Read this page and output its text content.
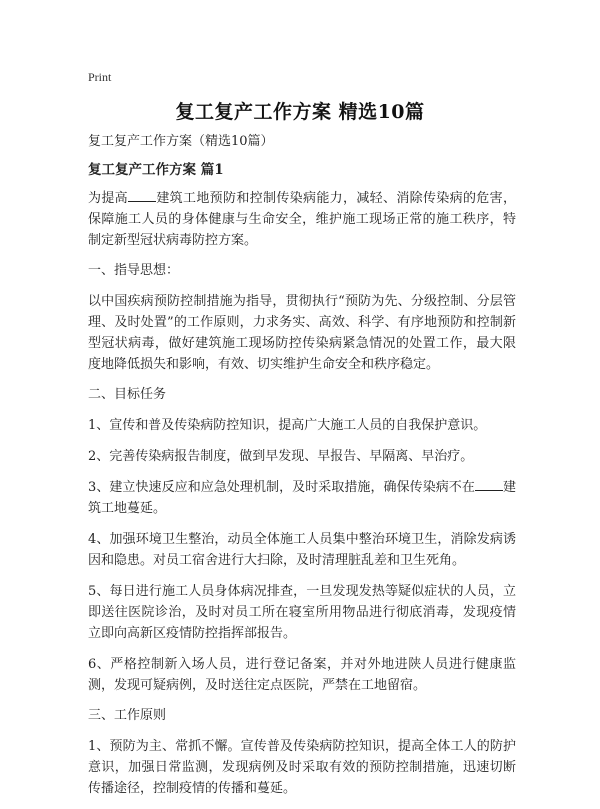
Print
复工复产工作方案 精选10篇

复工复产工作方案（精选10篇）

复工复产工作方案 篇1

为提高 建筑工地预防和控制传染病能力，减轻、消除传染病的危害，保障施工人员的身体健康与生命安全，维护施工现场正常的施工秩序，特制定新型冠状病毒防控方案。

一、指导思想：

以中国疾病预防控制措施为指导，贯彻执行“预防为先、分级控制、分层管理、及时处置”的工作原则，力求务实、高效、科学、有序地预防和控制新型冠状病毒，做好建筑施工现场防控传染病紧急情况的处置工作，最大限度地降低损失和影响，有效、切实维护生命安全和秩序稳定。

二、目标任务

1、宣传和普及传染病防控知识，提高广大施工人员的自我保护意识。

2、完善传染病报告制度，做到早发现、早报告、早隔离、早治疗。

3、建立快速反应和应急处理机制，及时采取措施，确保传染病不在 建筑工地蔓延。

4、加强环境卫生整治，动员全体施工人员集中整治环境卫生，消除发病诱因和隐患。对员工宿舍进行大扫除，及时清理脏乱差和卫生死角。

5、每日进行施工人员身体病况排查，一旦发现发热等疑似症状的人员，立即送往医院诊治，及时对员工所在寝室所用物品进行彻底消毒，发现疫情立即向高新区疫情防控指挥部报告。

6、严格控制新入场人员，进行登记备案，并对外地进陕人员进行健康监测，发现可疑病例，及时送往定点医院，严禁在工地留宿。

三、工作原则

1、预防为主、常抓不懈。宣传普及传染病防控知识，提高全体工人的防护意识，加强日常监测，发现病例及时采取有效的预防控制措施，迅速切断传播途径，控制疫情的传播和蔓延。
